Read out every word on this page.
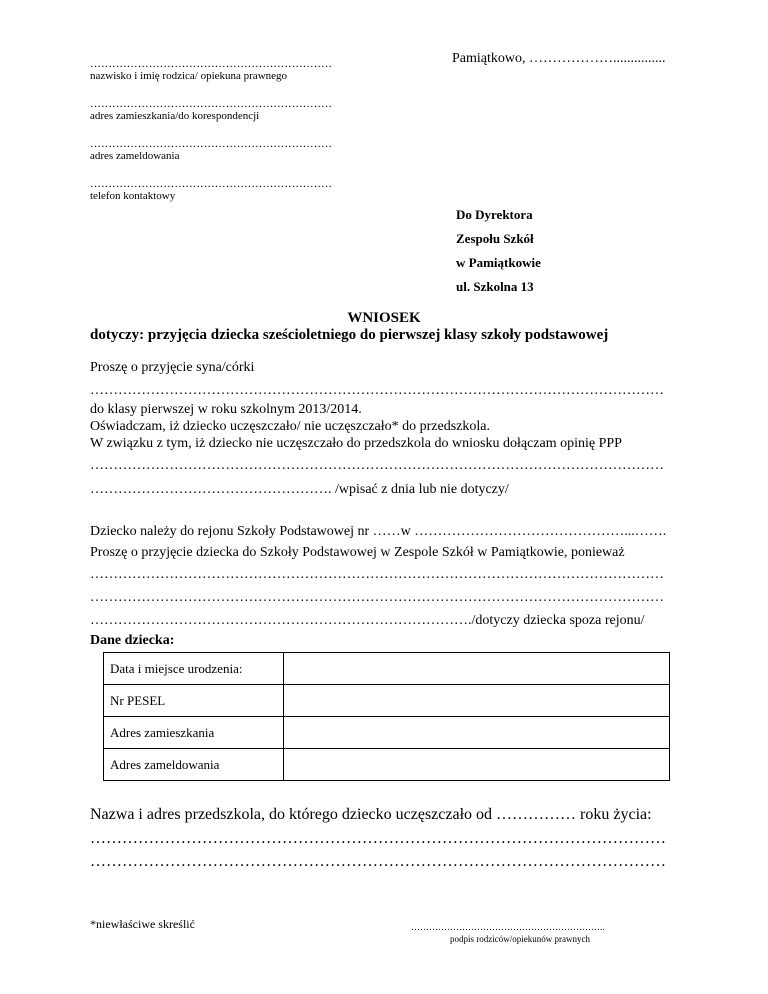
…………………………………………………………
nazwisko i imię rodzica/ opiekuna prawnego
…………………………………………………………
adres zamieszkania/do korespondencji
…………………………………………………………
adres zameldowania
…………………………………………………………
telefon kontaktowy
Pamiątkowo, ………………...............
Do Dyrektora
Zespołu Szkół
w Pamiątkowie
ul. Szkolna 13
WNIOSEK
dotyczy: przyjęcia dziecka sześcioletniego do pierwszej klasy szkoły podstawowej
Proszę o przyjęcie syna/córki
……………………………………………………………………………………………………………
do klasy pierwszej w roku szkolnym 2013/2014.
Oświadczam, iż dziecko uczęszczało/ nie uczęszczało* do przedszkola.
W związku z tym, iż dziecko nie uczęszczało do przedszkola do wniosku dołączam opinię PPP
……………………………………………………………………………………………………………
……………………………………………. /wpisać z dnia lub nie dotyczy/
Dziecko należy do rejonu Szkoły Podstawowej nr ……w ………………………………………...…….
Proszę o przyjęcie dziecka do Szkoły Podstawowej w Zespole Szkół w Pamiątkowie, ponieważ
……………………………………………………………………………………………………………
……………………………………………………………………………………………………………
………………………………………………………………………./dotyczy dziecka spoza rejonu/
Dane dziecka:
Data i miejsce urodzenia:	
Nr PESEL	
Adres zamieszkania	
Adres zameldowania	
Nazwa i adres przedszkola, do którego dziecko uczęszczało od …………… roku życia:
………………………………………………………………………………………………
………………………………………………………………………………………………
*niewłaściwe skreślić	………………………………………………………..
podpis rodziców/opiekunów prawnych
